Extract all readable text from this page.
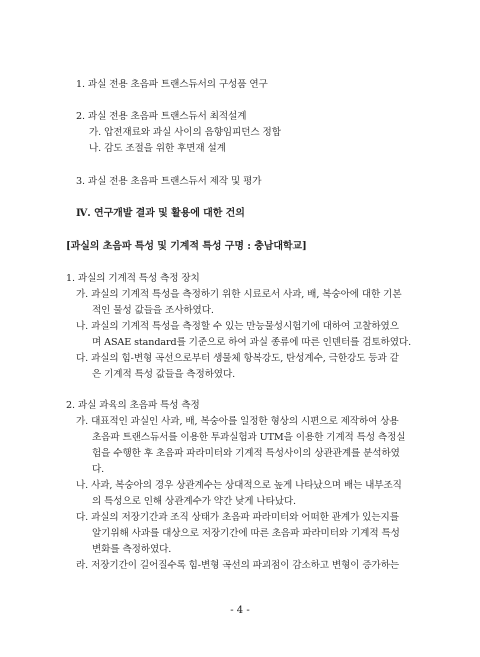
1. 과실 전용 초음파 트랜스듀서의 구성품 연구
2. 과실 전용 초음파 트랜스듀서 최적설계
가. 압전재료와 과실 사이의 음향임피던스 정합
나. 감도 조절을 위한 후면재 설계
3. 과실 전용 초음파 트랜스듀서 제작 및 평가
Ⅳ. 연구개발 결과 및 활용에 대한 건의
[과실의 초음파 특성 및 기계적 특성 구명 : 충남대학교]
1. 과실의 기계적 특성 측정 장치
가. 과실의 기계적 특성을 측정하기 위한 시료로서 사과, 배, 복숭아에 대한 기본
적인 물성 값들을 조사하였다.
나. 과실의 기계적 특성을 측정할 수 있는 만능물성시험기에 대하여 고찰하였으
며 ASAE standard를 기준으로 하여 과실 종류에 따른 인덴터를 검토하였다.
다. 과실의 힘-변형 곡선으로부터 생물체 항복강도, 탄성계수, 극한강도 등과 같
은 기계적 특성 값들을 측정하였다.
2. 과실 과육의 초음파 특성 측정
가. 대표적인 과실인 사과, 배, 복숭아를 일정한 형상의 시편으로 제작하여 상용
초음파 트랜스듀서를 이용한 투과실험과 UTM을 이용한 기계적 특성 측정실
험을 수행한 후 초음파 파라미터와 기계적 특성사이의 상관관계를 분석하였
다.
나. 사과, 복숭아의 경우 상관계수는 상대적으로 높게 나타났으며 배는 내부조직
의 특성으로 인해 상관계수가 약간 낮게 나타났다.
다. 과실의 저장기간과 조직 상태가 초음파 파라미터와 어떠한 관계가 있는지를
알기위해 사과를 대상으로 저장기간에 따른 초음파 파라미터와 기계적 특성
변화를 측정하였다.
라. 저장기간이 길어질수록 힘-변형 곡선의 파괴점이 감소하고 변형이 증가하는
- 4 -
